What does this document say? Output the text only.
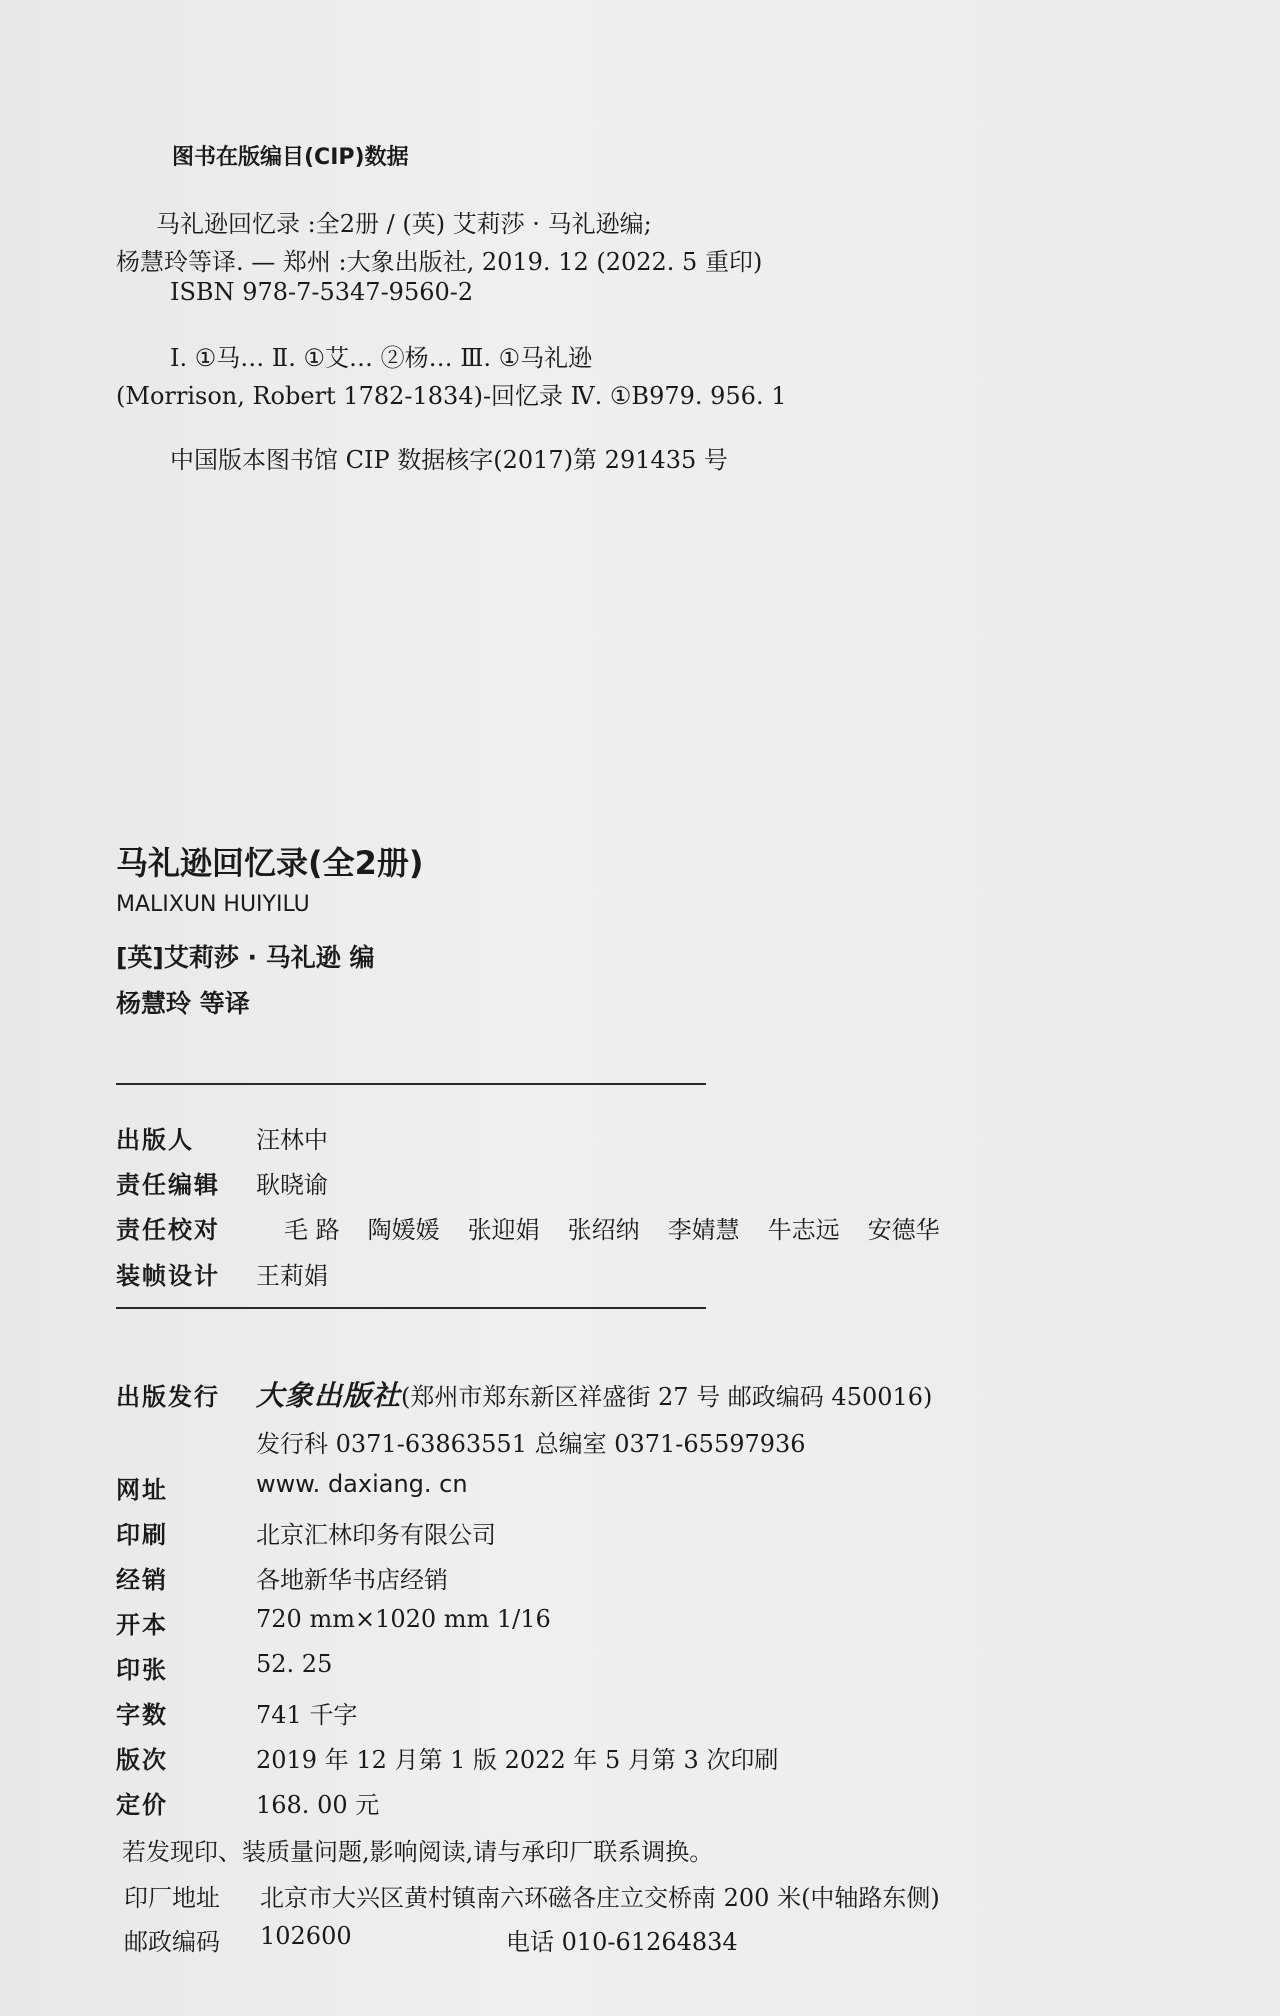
图书在版编目(CIP)数据
马礼逊回忆录 :全2册 / (英) 艾莉莎 · 马礼逊编;
杨慧玲等译. — 郑州 :大象出版社, 2019. 12 (2022. 5 重印)
ISBN 978-7-5347-9560-2
Ⅰ. ①马… Ⅱ. ①艾… ②杨… Ⅲ. ①马礼逊
(Morrison, Robert 1782-1834)-回忆录 Ⅳ. ①B979. 956. 1
中国版本图书馆 CIP 数据核字(2017)第 291435 号
马礼逊回忆录(全2册)
MALIXUN HUIYILU
[英]艾莉莎 · 马礼逊 编
杨慧玲 等译
出版人	汪林中
责任编辑	耿晓谕
责任校对	毛 路 陶媛媛 张迎娟 张绍纳 李婧慧 牛志远 安德华
装帧设计	王莉娟
出版发行	大象出版社 (郑州市郑东新区祥盛街 27 号 邮政编码 450016)
发行科 0371-63863551 总编室 0371-65597936
网址	www. daxiang. cn
印刷	北京汇林印务有限公司
经销	各地新华书店经销
开本	720 mm×1020 mm 1/16
印张	52. 25
字数	741 千字
版次	2019 年 12 月第 1 版 2022 年 5 月第 3 次印刷
定价	168. 00 元
若发现印、装质量问题,影响阅读,请与承印厂联系调换。
印厂地址	北京市大兴区黄村镇南六环磁各庄立交桥南 200 米(中轴路东侧)
邮政编码	102600	电话 010-61264834
